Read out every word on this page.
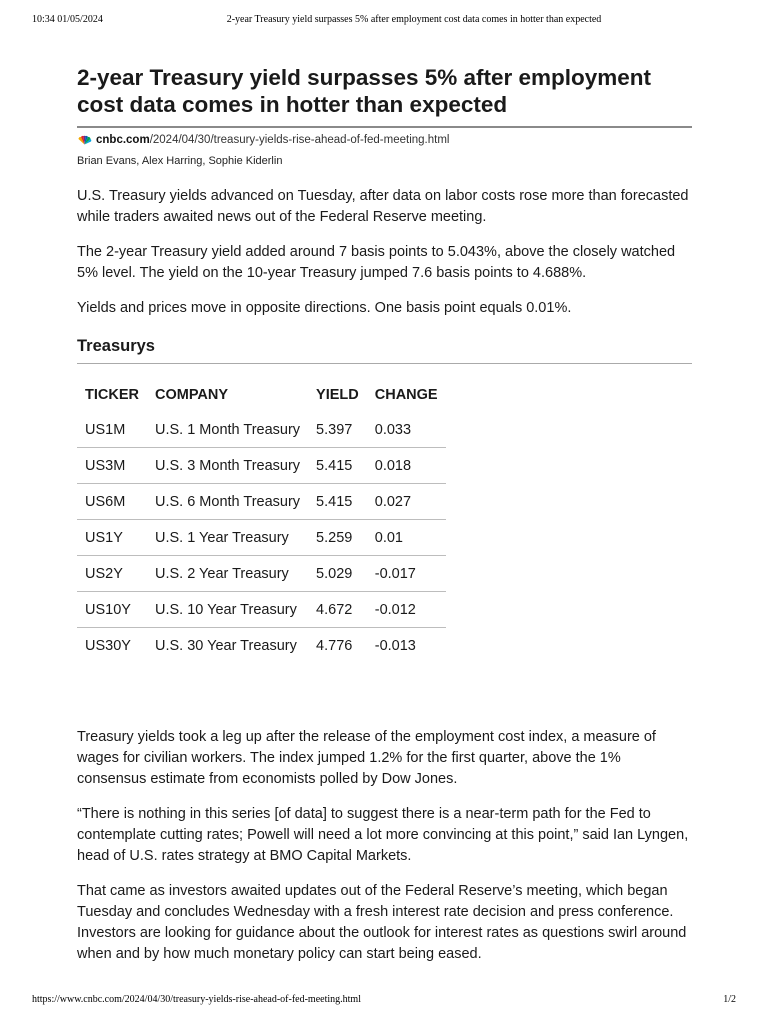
10:34 01/05/2024	2-year Treasury yield surpasses 5% after employment cost data comes in hotter than expected
2-year Treasury yield surpasses 5% after employment cost data comes in hotter than expected
cnbc.com /2024/04/30/treasury-yields-rise-ahead-of-fed-meeting.html
Brian Evans, Alex Harring, Sophie Kiderlin

U.S. Treasury yields advanced on Tuesday, after data on labor costs rose more than forecasted while traders awaited news out of the Federal Reserve meeting.

The 2-year Treasury yield added around 7 basis points to 5.043%, above the closely watched 5% level. The yield on the 10-year Treasury jumped 7.6 basis points to 4.688%.

Yields and prices move in opposite directions. One basis point equals 0.01%.

Treasurys
TICKER	COMPANY	YIELD	CHANGE
US1M	U.S. 1 Month Treasury	5.397	0.033
US3M	U.S. 3 Month Treasury	5.415	0.018
US6M	U.S. 6 Month Treasury	5.415	0.027
US1Y	U.S. 1 Year Treasury	5.259	0.01
US2Y	U.S. 2 Year Treasury	5.029	-0.017
US10Y	U.S. 10 Year Treasury	4.672	-0.012
US30Y	U.S. 30 Year Treasury	4.776	-0.013

Treasury yields took a leg up after the release of the employment cost index, a measure of wages for civilian workers. The index jumped 1.2% for the first quarter, above the 1% consensus estimate from economists polled by Dow Jones.

“There is nothing in this series [of data] to suggest there is a near-term path for the Fed to contemplate cutting rates; Powell will need a lot more convincing at this point,” said Ian Lyngen, head of U.S. rates strategy at BMO Capital Markets.

That came as investors awaited updates out of the Federal Reserve’s meeting, which began Tuesday and concludes Wednesday with a fresh interest rate decision and press conference. Investors are looking for guidance about the outlook for interest rates as questions swirl around when and by how much monetary policy can start being eased.

https://www.cnbc.com/2024/04/30/treasury-yields-rise-ahead-of-fed-meeting.html	1/2
